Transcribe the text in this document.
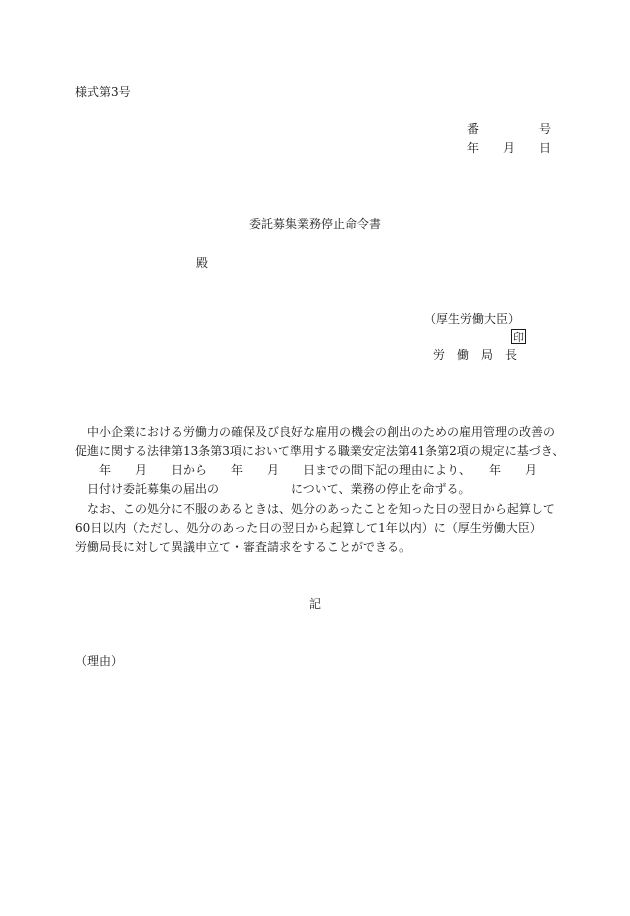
様式第3号
番　　　　　号
年　　月　　日
委託募集業務停止命令書
殿
（厚生労働大臣）
印
労　働　局　長
中小企業における労働力の確保及び良好な雇用の機会の創出のための雇用管理の改善の
促進に関する法律第13条第3項において準用する職業安定法第41条第2項の規定に基づき、
年　　月　　日から　　年　　月　　日までの間下記の理由により、　　年　　月
日付け委託募集の届出の　　　　　　について、業務の停止を命ずる。
なお、この処分に不服のあるときは、処分のあったことを知った日の翌日から起算して
60日以内（ただし、処分のあった日の翌日から起算して1年以内）に（厚生労働大臣）
労働局長に対して異議申立て・審査請求をすることができる。
記
（理由）
